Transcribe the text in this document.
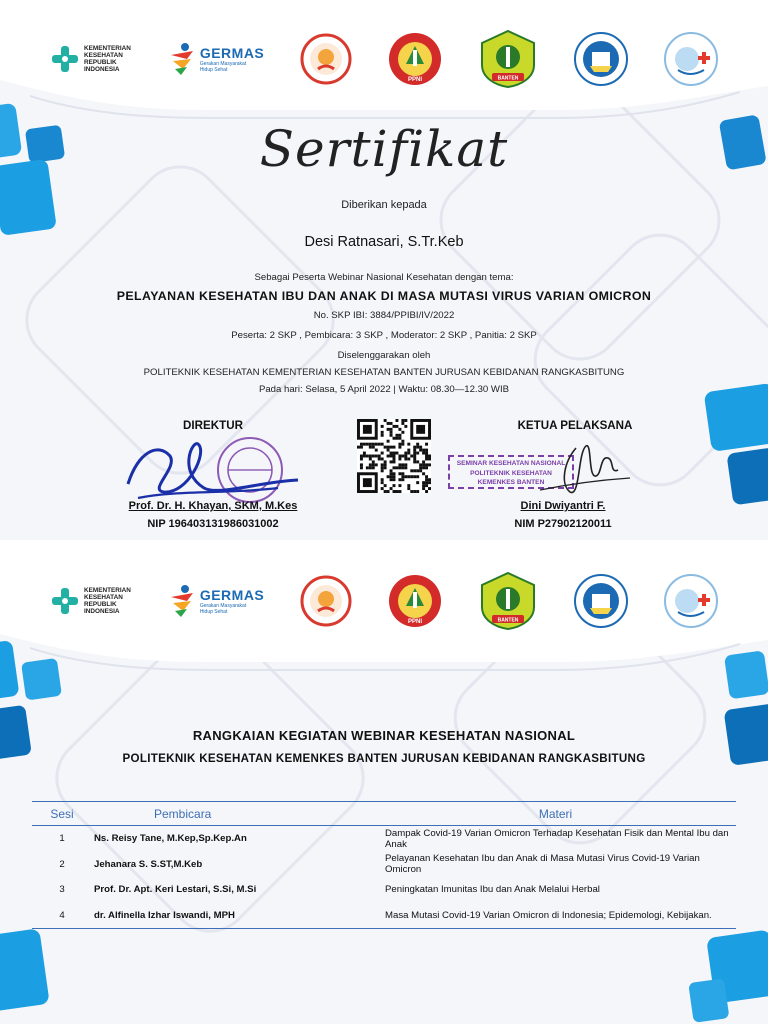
KEMENTERIAN
KESEHATAN
REPUBLIK
INDONESIA
GERMAS
Gerakan Masyarakat
Hidup Sehat
PPNI	BANTEN
Sertifikat
Diberikan kepada
Desi Ratnasari, S.Tr.Keb
Sebagai Peserta Webinar Nasional Kesehatan dengan tema:
PELAYANAN KESEHATAN IBU DAN ANAK DI MASA MUTASI VIRUS VARIAN OMICRON
No. SKP IBI: 3884/PPIBI/IV/2022
Peserta: 2 SKP , Pembicara: 3 SKP , Moderator: 2 SKP , Panitia: 2 SKP
Diselenggarakan oleh
POLITEKNIK KESEHATAN KEMENTERIAN KESEHATAN BANTEN JURUSAN KEBIDANAN RANGKASBITUNG
Pada hari: Selasa, 5 April 2022 | Waktu: 08.30—12.30 WIB
DIREKTUR
Prof. Dr. H. Khayan, SKM, M.Kes
NIP 196403131986031002
KETUA PELAKSANA
SEMINAR KESEHATAN NASIONAL
POLITEKNIK KESEHATAN
KEMENKES BANTEN
Dini Dwiyantri F.
NIM P27902120011
KEMENTERIAN
KESEHATAN
REPUBLIK
INDONESIA
GERMAS
Gerakan Masyarakat
Hidup Sehat
PPNI	BANTEN
RANGKAIAN KEGIATAN WEBINAR KESEHATAN NASIONAL
POLITEKNIK KESEHATAN KEMENKES BANTEN JURUSAN KEBIDANAN RANGKASBITUNG
Sesi	Pembicara	Materi
1	Ns. Reisy Tane, M.Kep,Sp.Kep.An	Dampak Covid-19 Varian Omicron Terhadap Kesehatan Fisik dan Mental Ibu dan Anak
2	Jehanara S. S.ST,M.Keb	Pelayanan Kesehatan Ibu dan Anak di Masa Mutasi Virus Covid-19 Varian Omicron
3	Prof. Dr. Apt. Keri Lestari, S.Si, M.Si	Peningkatan Imunitas Ibu dan Anak Melalui Herbal
4	dr. Alfinella Izhar Iswandi, MPH	Masa Mutasi Covid-19 Varian Omicron di Indonesia; Epidemologi, Kebijakan.
